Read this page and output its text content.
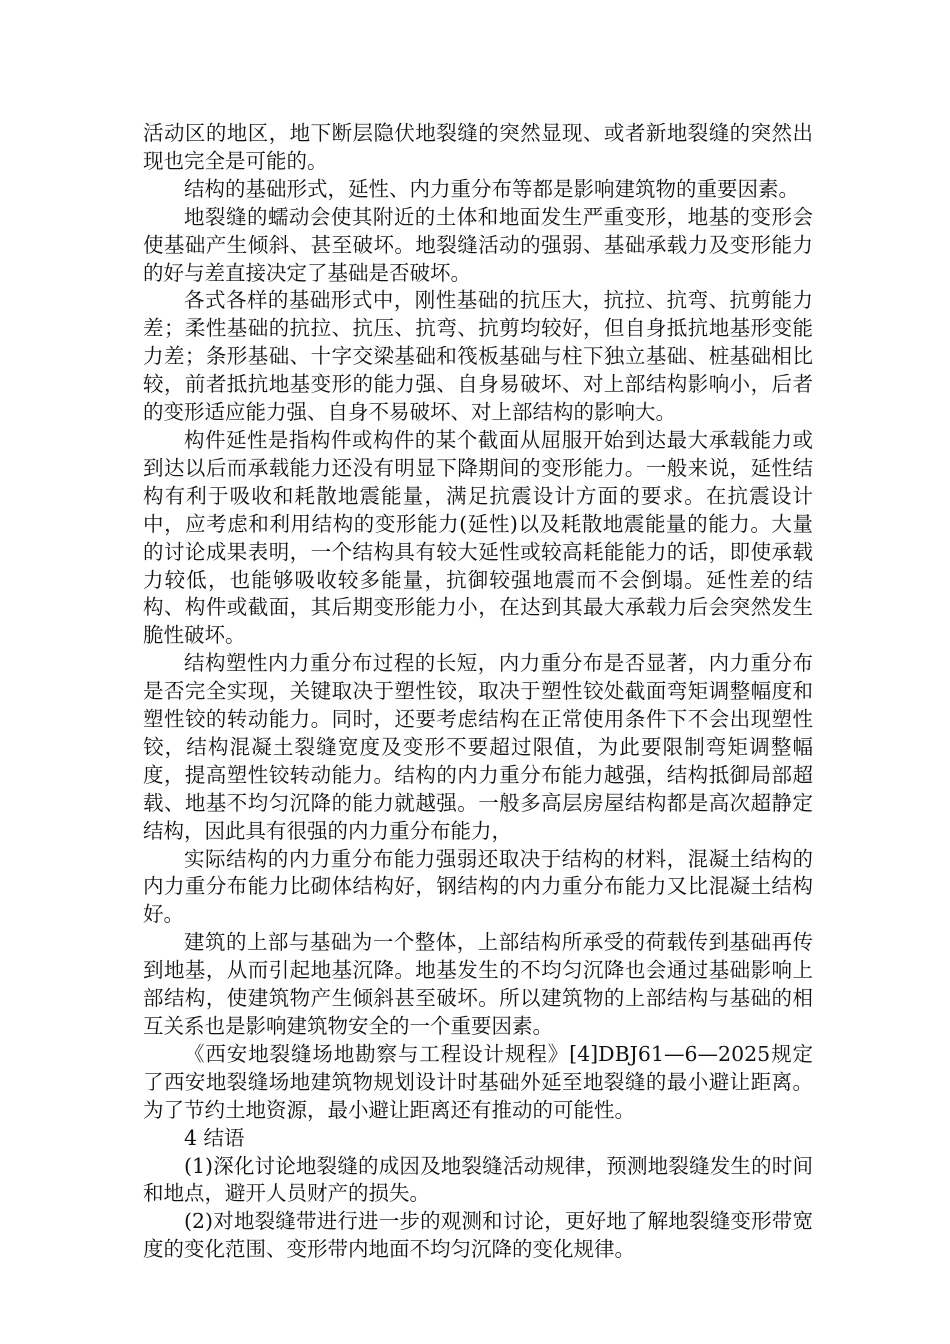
活动区的地区，地下断层隐伏地裂缝的突然显现、或者新地裂缝的突然出现也完全是可能的。

结构的基础形式，延性、内力重分布等都是影响建筑物的重要因素。

地裂缝的蠕动会使其附近的土体和地面发生严重变形，地基的变形会使基础产生倾斜、甚至破坏。地裂缝活动的强弱、基础承载力及变形能力的好与差直接决定了基础是否破坏。

各式各样的基础形式中，刚性基础的抗压大，抗拉、抗弯、抗剪能力差；柔性基础的抗拉、抗压、抗弯、抗剪均较好，但自身抵抗地基形变能力差；条形基础、十字交梁基础和筏板基础与柱下独立基础、桩基础相比较，前者抵抗地基变形的能力强、自身易破坏、对上部结构影响小，后者的变形适应能力强、自身不易破坏、对上部结构的影响大。

构件延性是指构件或构件的某个截面从屈服开始到达最大承载能力或到达以后而承载能力还没有明显下降期间的变形能力。一般来说，延性结构有利于吸收和耗散地震能量，满足抗震设计方面的要求。在抗震设计中，应考虑和利用结构的变形能力(延性)以及耗散地震能量的能力。大量的讨论成果表明，一个结构具有较大延性或较高耗能能力的话，即使承载力较低，也能够吸收较多能量，抗御较强地震而不会倒塌。延性差的结构、构件或截面，其后期变形能力小，在达到其最大承载力后会突然发生脆性破坏。

结构塑性内力重分布过程的长短，内力重分布是否显著，内力重分布是否完全实现，关键取决于塑性铰，取决于塑性铰处截面弯矩调整幅度和塑性铰的转动能力。同时，还要考虑结构在正常使用条件下不会出现塑性铰，结构混凝土裂缝宽度及变形不要超过限值，为此要限制弯矩调整幅度，提高塑性铰转动能力。结构的内力重分布能力越强，结构抵御局部超载、地基不均匀沉降的能力就越强。一般多高层房屋结构都是高次超静定结构，因此具有很强的内力重分布能力，

实际结构的内力重分布能力强弱还取决于结构的材料，混凝土结构的内力重分布能力比砌体结构好，钢结构的内力重分布能力又比混凝土结构好。

建筑的上部与基础为一个整体，上部结构所承受的荷载传到基础再传到地基，从而引起地基沉降。地基发生的不均匀沉降也会通过基础影响上部结构，使建筑物产生倾斜甚至破坏。所以建筑物的上部结构与基础的相互关系也是影响建筑物安全的一个重要因素。

《西安地裂缝场地勘察与工程设计规程》[4]DBJ61—6—2025规定了西安地裂缝场地建筑物规划设计时基础外延至地裂缝的最小避让距离。为了节约土地资源，最小避让距离还有推动的可能性。

4 结语

(1)深化讨论地裂缝的成因及地裂缝活动规律，预测地裂缝发生的时间和地点，避开人员财产的损失。

(2)对地裂缝带进行进一步的观测和讨论，更好地了解地裂缝变形带宽度的变化范围、变形带内地面不均匀沉降的变化规律。
